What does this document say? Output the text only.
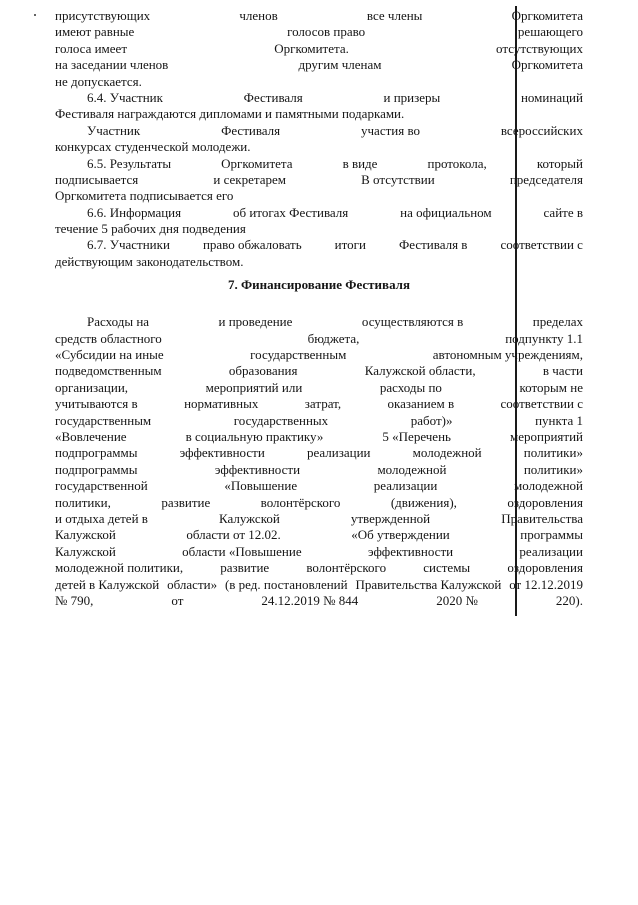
присутствующих	членов	все члены	Оргкомитета
имеют равные	голосов право	решающего
голоса имеет	Оргкомитета.	отсутствующих
на заседании членов	другим членам	Оргкомитета
не допускается.
6.4. Участник	Фестиваля	и призеры	номинаций
Фестиваля награждаются дипломами и памятными подарками.
Участник	Фестиваля	участия во	всероссийских
конкурсах студенческой молодежи.
6.5. Результаты	Оргкомитета	в виде	протокола,	который
подписывается	и секретарем	В отсутствии	председателя
Оргкомитета подписывается его
6.6. Информация	об итогах Фестиваля	на официальном	сайте в
течение 5 рабочих дня подведения
6.7. Участники	право обжаловать	итоги	Фестиваля в	соответствии с
действующим законодательством.
7. Финансирование Фестиваля
Расходы на	и проведение	осуществляются в	пределах
средств областного	бюджета,	подпункту 1.1
«Субсидии на иные	государственным	автономным учреждениям,
подведомственным	образования	Калужской области,	в части
организации,	мероприятий или	расходы по	которым не
учитываются в	нормативных	затрат,	оказанием в	соответствии с
государственным	государственных	работ)»	пункта 1
«Вовлечение	в социальную практику»	5 «Перечень	мероприятий
подпрограммы	эффективности	реализации	молодежной	политики»
подпрограммы	эффективности	молодежной	политики»
государственной	«Повышение	реализации	молодежной
политики,	развитие	волонтёрского	(движения),	оздоровления
и отдыха детей в	Калужской	утвержденной	Правительства
Калужской	области от 12.02.	«Об утверждении	программы
Калужской	области «Повышение	эффективности	реализации
молодежной политики,	развитие	волонтёрского	системы	оздоровления
детей в Калужской области» (в ред. постановлений Правительства Калужской от 12.12.2019
№ 790,	от	24.12.2019 № 844	2020 №	220).
